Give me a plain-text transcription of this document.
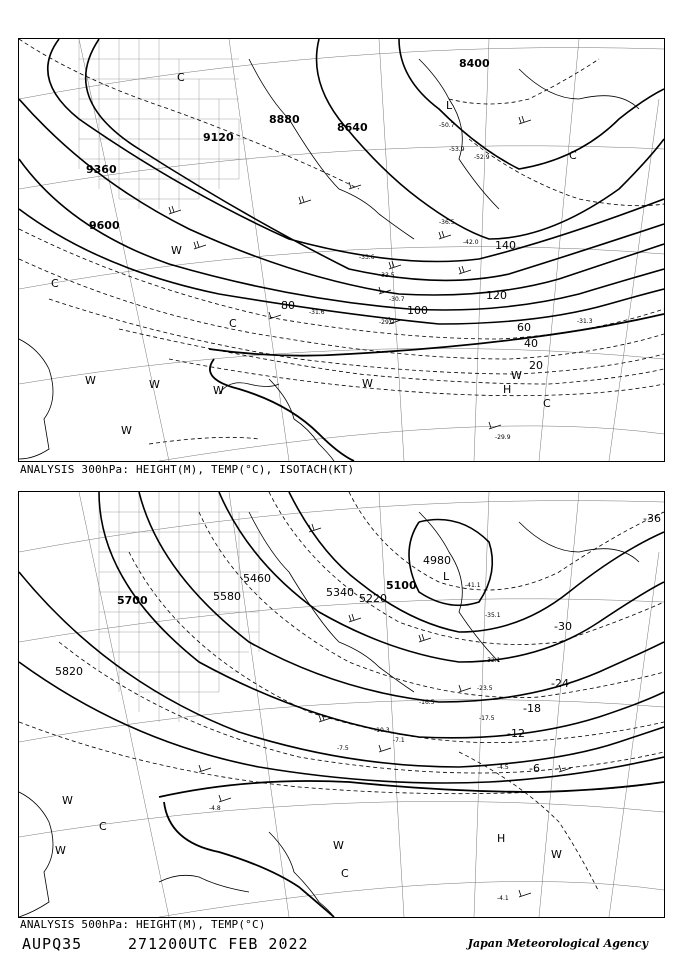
8400
8640
8880
9120
9360
9600
20
40
60
80	100
120
140
L
H
C
C
C
C
C
W
W	W	W
W
W
W
-29.9
-31.3
-30.7
-33.5
-42.0
-52.9
-50.7
-53.9
-36.5
-33.6
-29.2
-31.6
ANALYSIS 300hPa: HEIGHT(M), TEMP(°C), ISOTACH(KT)
4980
5100
5220
5340
5460
5580
5700
5820
-36
-30
-24
-18
-12
-6
L
H
C
C
W
W
W
W
-4.5
-7.1
-7.5
-10.3
-16.5
-17.5
-23.5
-32.1
-35.1
-41.1
-4.8
-4.1
ANALYSIS 500hPa: HEIGHT(M), TEMP(°C)
AUPQ35	271200UTC FEB 2022	Japan Meteorological Agency
